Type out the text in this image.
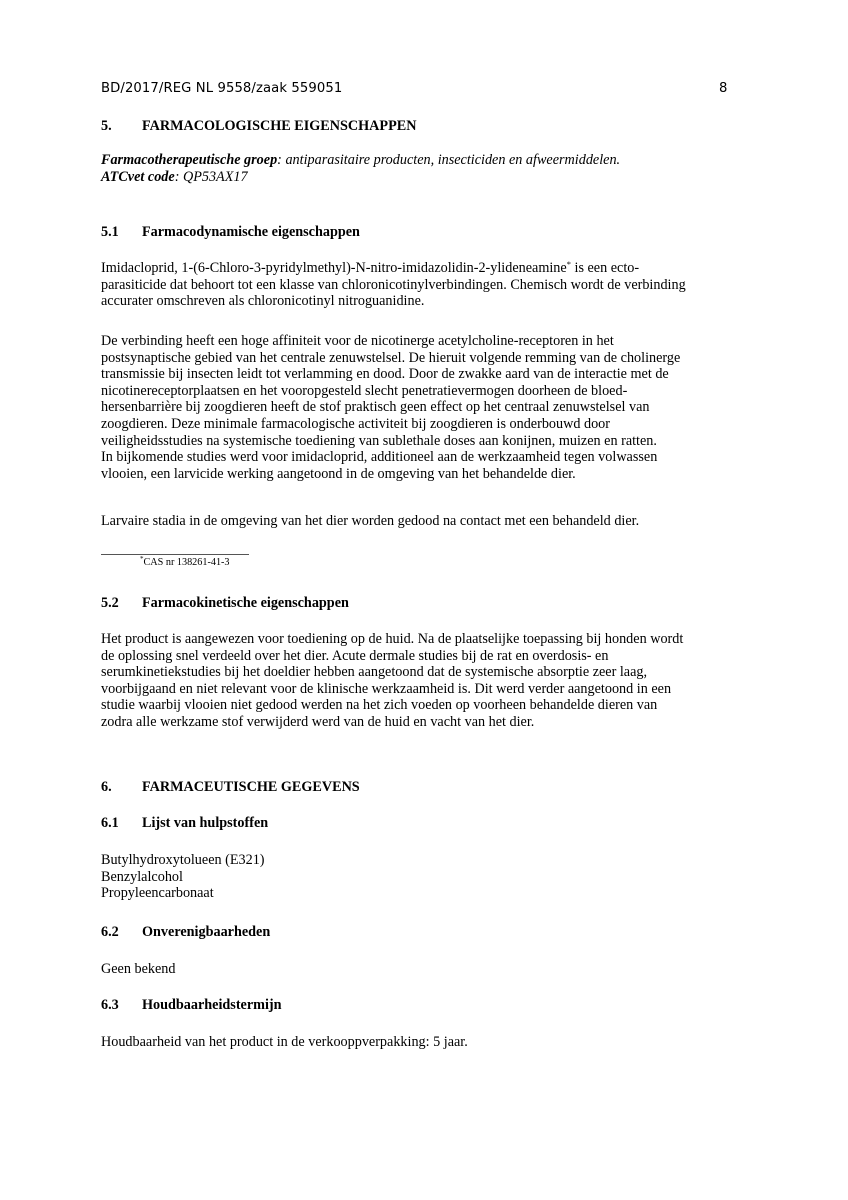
BD/2017/REG NL 9558/zaak 559051	8
5. FARMACOLOGISCHE EIGENSCHAPPEN
Farmacotherapeutische groep: antiparasitaire producten, insecticiden en afweermiddelen.
ATCvet code: QP53AX17
5.1 Farmacodynamische eigenschappen
Imidacloprid, 1-(6-Chloro-3-pyridylmethyl)-N-nitro-imidazolidin-2-ylideneamine* is een ecto-
parasiticide dat behoort tot een klasse van chloronicotinylverbindingen. Chemisch wordt de verbinding
accurater omschreven als chloronicotinyl nitroguanidine.
De verbinding heeft een hoge affiniteit voor de nicotinerge acetylcholine-receptoren in het
postsynaptische gebied van het centrale zenuwstelsel. De hieruit volgende remming van de cholinerge
transmissie bij insecten leidt tot verlamming en dood. Door de zwakke aard van de interactie met de
nicotinereceptorplaatsen en het vooropgesteld slecht penetratievermogen doorheen de bloed-
hersenbarrière bij zoogdieren heeft de stof praktisch geen effect op het centraal zenuwstelsel van
zoogdieren. Deze minimale farmacologische activiteit bij zoogdieren is onderbouwd door
veiligheidsstudies na systemische toediening van sublethale doses aan konijnen, muizen en ratten.
In bijkomende studies werd voor imidacloprid, additioneel aan de werkzaamheid tegen volwassen
vlooien, een larvicide werking aangetoond in de omgeving van het behandelde dier.
Larvaire stadia in de omgeving van het dier worden gedood na contact met een behandeld dier.
*CAS nr 138261-41-3
5.2 Farmacokinetische eigenschappen
Het product is aangewezen voor toediening op de huid. Na de plaatselijke toepassing bij honden wordt
de oplossing snel verdeeld over het dier. Acute dermale studies bij de rat en overdosis- en
serumkinetiekstudies bij het doeldier hebben aangetoond dat de systemische absorptie zeer laag,
voorbijgaand en niet relevant voor de klinische werkzaamheid is. Dit werd verder aangetoond in een
studie waarbij vlooien niet gedood werden na het zich voeden op voorheen behandelde dieren van
zodra alle werkzame stof verwijderd werd van de huid en vacht van het dier.
6. FARMACEUTISCHE GEGEVENS
6.1 Lijst van hulpstoffen
Butylhydroxytolueen (E321)
Benzylalcohol
Propyleencarbonaat
6.2 Onverenigbaarheden
Geen bekend
6.3 Houdbaarheidstermijn
Houdbaarheid van het product in de verkooppverpakking: 5 jaar.
